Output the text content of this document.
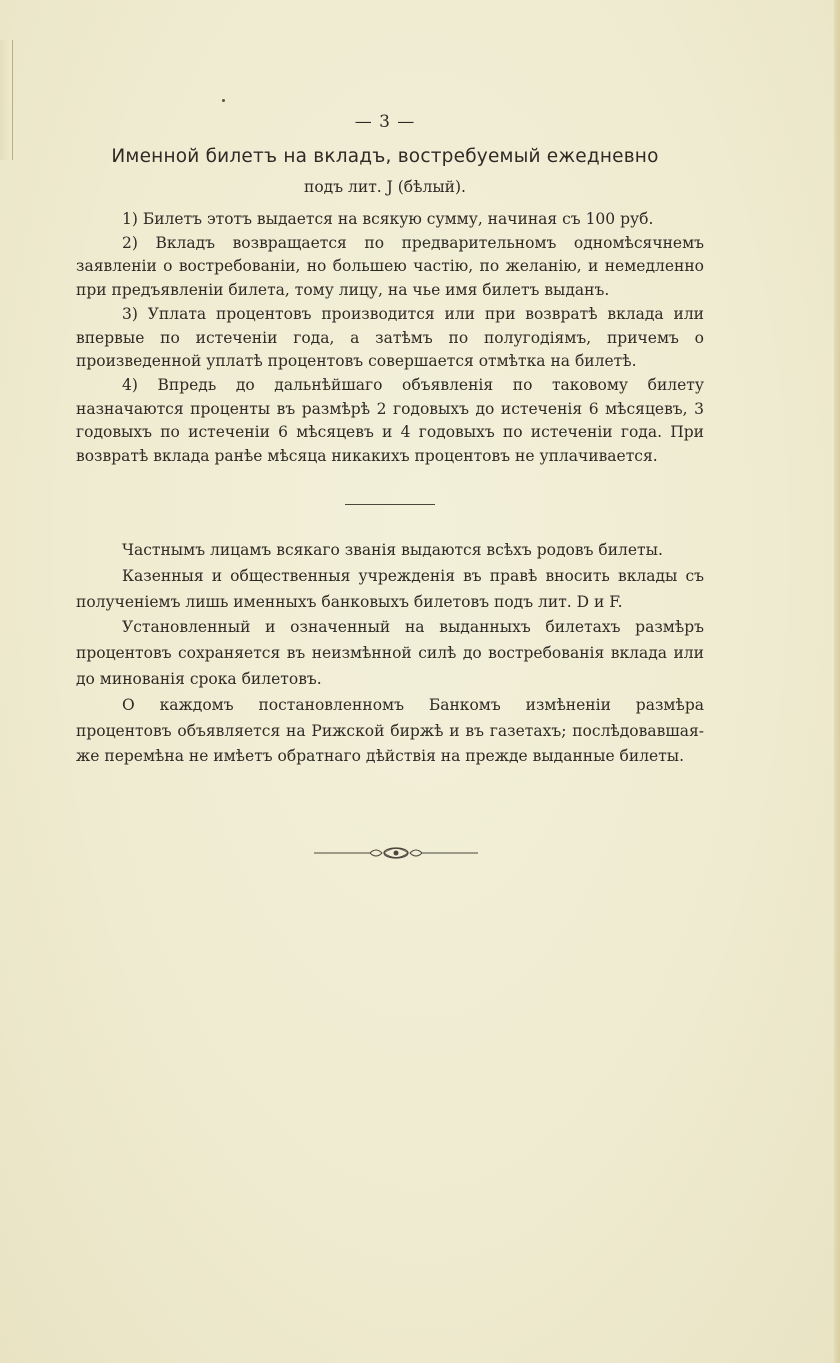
— 3 —
Именной билетъ на вкладъ, востребуемый ежедневно
подъ лит. J (бѣлый).

1) Билетъ этотъ выдается на всякую сумму, начиная съ 100 руб.

2) Вкладъ возвращается по предварительномъ одномѣсячнемъ заявленіи о востребованіи, но большею частію, по желанію, и немедленно при предъявленіи билета, тому лицу, на чье имя билетъ выданъ.

3) Уплата процентовъ производится или при возвратѣ вклада или впервые по истеченіи года, а затѣмъ по полугодіямъ, причемъ о произведенной уплатѣ процентовъ совершается отмѣтка на билетѣ.

4) Впредь до дальнѣйшаго объявленія по таковому билету назначаются проценты въ размѣрѣ 2 годовыхъ до истеченія 6 мѣсяцевъ, 3 годовыхъ по истеченіи 6 мѣсяцевъ и 4 годовыхъ по истеченіи года. При возвратѣ вклада ранѣе мѣсяца никакихъ процентовъ не уплачивается.

Частнымъ лицамъ всякаго званія выдаются всѣхъ родовъ билеты.

Казенныя и общественныя учрежденія въ правѣ вносить вклады съ полученіемъ лишь именныхъ банковыхъ билетовъ подъ лит. D и F.

Установленный и означенный на выданныхъ билетахъ размѣръ процентовъ сохраняется въ неизмѣнной силѣ до востребованія вклада или до минованія срока билетовъ.

О каждомъ постановленномъ Банкомъ измѣненіи размѣра процентовъ объявляется на Рижской биржѣ и въ газетахъ; послѣдовавшая-же перемѣна не имѣетъ обратнаго дѣйствія на прежде выданные билеты.
